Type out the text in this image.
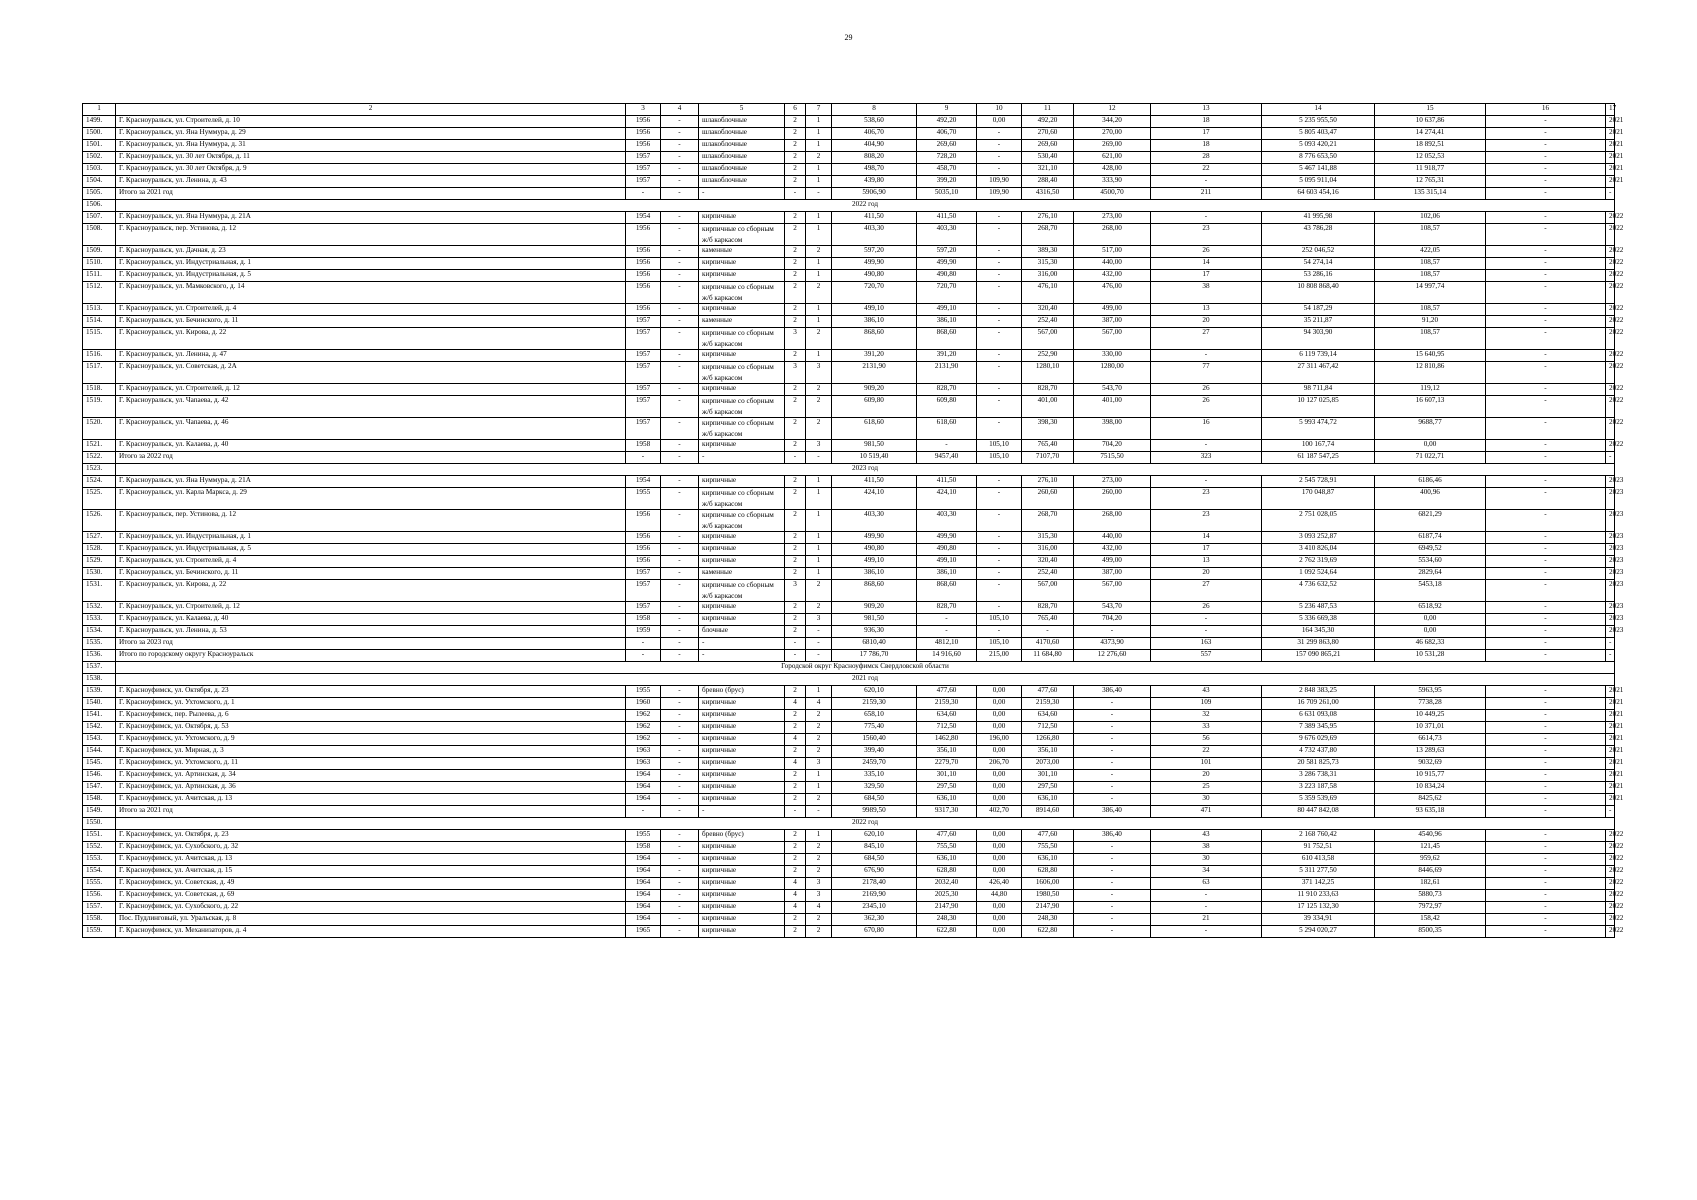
29
1	2	3	4	5	6	7	8	9	10	11	12	13	14	15	16	17
1499.	Г. Красноуральск, ул. Строителей, д. 10	1956	-	шлакоблочные	2	1	538,60	492,20	0,00	492,20	344,20	18	5 235 955,50	10 637,86	-	2021
1500.	Г. Красноуральск, ул. Яна Нуммура, д. 29	1956	-	шлакоблочные	2	1	406,70	406,70	-	270,60	270,00	17	5 805 403,47	14 274,41	-	2021
1501.	Г. Красноуральск, ул. Яна Нуммура, д. 31	1956	-	шлакоблочные	2	1	404,90	269,60	-	269,60	269,00	18	5 093 420,21	18 892,51	-	2021
1502.	Г. Красноуральск, ул. 30 лет Октября, д. 11	1957	-	шлакоблочные	2	2	808,20	728,20	-	530,40	621,00	28	8 776 653,50	12 052,53	-	2021
1503.	Г. Красноуральск, ул. 30 лет Октября, д. 9	1957	-	шлакоблочные	2	1	498,70	458,70	-	321,10	428,00	22	5 467 141,88	11 918,77	-	2021
1504.	Г. Красноуральск, ул. Ленина, д. 43	1957	-	шлакоблочные	2	1	439,80	399,20	109,90	288,40	333,90	-	5 095 911,04	12 765,31	-	2021
1505.	Итого за 2021 год	-	-	-	-	-	5906,90	5035,10	109,90	4316,50	4500,70	211	64 603 454,16	135 315,14	-	-
1506.	2022 год															
1507.	Г. Красноуральск, ул. Яна Нуммура, д. 21А	1954	-	кирпичные	2	1	411,50	411,50	-	276,10	273,00	-	41 995,98	102,06	-	2022
1508.	Г. Красноуральск, пер. Устинова, д. 12	1956	-	кирпичные со сборным ж/б каркасом	2	1	403,30	403,30	-	268,70	268,00	23	43 786,28	108,57	-	2022
1509.	Г. Красноуральск, ул. Дачная, д. 23	1956	-	каменные	2	2	597,20	597,20	-	389,30	517,00	26	252 046,52	422,05	-	2022
1510.	Г. Красноуральск, ул. Индустриальная, д. 1	1956	-	кирпичные	2	1	499,90	499,90	-	315,30	440,00	14	54 274,14	108,57	-	2022
1511.	Г. Красноуральск, ул. Индустриальная, д. 5	1956	-	кирпичные	2	1	490,80	490,80	-	316,00	432,00	17	53 286,16	108,57	-	2022
1512.	Г. Красноуральск, ул. Мамковского, д. 14	1956	-	кирпичные со сборным ж/б каркасом	2	2	720,70	720,70	-	476,10	476,00	38	10 808 868,40	14 997,74	-	2022
1513.	Г. Красноуральск, ул. Строителей, д. 4	1956	-	кирпичные	2	1	499,10	499,10	-	320,40	499,00	13	54 187,29	108,57	-	2022
1514.	Г. Красноуральск, ул. Бечинского, д. 11	1957	-	каменные	2	1	386,10	386,10	-	252,40	387,00	20	35 211,87	91,20	-	2022
1515.	Г. Красноуральск, ул. Кирова, д. 22	1957	-	кирпичные со сборным ж/б каркасом	3	2	868,60	868,60	-	567,00	567,00	27	94 303,90	108,57	-	2022
1516.	Г. Красноуральск, ул. Ленина, д. 47	1957	-	кирпичные	2	1	391,20	391,20	-	252,90	330,00	-	6 119 739,14	15 640,95	-	2022
1517.	Г. Красноуральск, ул. Советская, д. 2А	1957	-	кирпичные со сборным ж/б каркасом	3	3	2131,90	2131,90	-	1280,10	1280,00	77	27 311 467,42	12 810,86	-	2022
1518.	Г. Красноуральск, ул. Строителей, д. 12	1957	-	кирпичные	2	2	909,20	828,70	-	828,70	543,70	26	98 711,84	119,12	-	2022
1519.	Г. Красноуральск, ул. Чапаева, д. 42	1957	-	кирпичные со сборным ж/б каркасом	2	2	609,80	609,80	-	401,00	401,00	26	10 127 025,85	16 607,13	-	2022
1520.	Г. Красноуральск, ул. Чапаева, д. 46	1957	-	кирпичные со сборным ж/б каркасом	2	2	618,60	618,60	-	398,30	398,00	16	5 993 474,72	9688,77	-	2022
1521.	Г. Красноуральск, ул. Калаева, д. 40	1958	-	кирпичные	2	3	981,50	-	105,10	765,40	704,20	-	100 167,74	0,00	-	2022
1522.	Итого за 2022 год	-	-	-	-	-	10 519,40	9457,40	105,10	7107,70	7515,50	323	61 187 547,25	71 022,71	-	-
1523.	2023 год															
1524.	Г. Красноуральск, ул. Яна Нуммура, д. 21А	1954	-	кирпичные	2	1	411,50	411,50	-	276,10	273,00	-	2 545 728,91	6186,46	-	2023
1525.	Г. Красноуральск, ул. Карла Маркса, д. 29	1955	-	кирпичные со сборным ж/б каркасом	2	1	424,10	424,10	-	260,60	260,00	23	170 048,87	400,96	-	2023
1526.	Г. Красноуральск, пер. Устинова, д. 12	1956	-	кирпичные со сборным ж/б каркасом	2	1	403,30	403,30	-	268,70	268,00	23	2 751 028,05	6821,29	-	2023
1527.	Г. Красноуральск, ул. Индустриальная, д. 1	1956	-	кирпичные	2	1	499,90	499,90	-	315,30	440,00	14	3 093 252,87	6187,74	-	2023
1528.	Г. Красноуральск, ул. Индустриальная, д. 5	1956	-	кирпичные	2	1	490,80	490,80	-	316,00	432,00	17	3 410 826,04	6949,52	-	2023
1529.	Г. Красноуральск, ул. Строителей, д. 4	1956	-	кирпичные	2	1	499,10	499,10	-	320,40	499,00	13	2 762 319,69	5534,60	-	2023
1530.	Г. Красноуральск, ул. Бечинского, д. 11	1957	-	каменные	2	1	386,10	386,10	-	252,40	387,00	20	1 092 524,64	2829,64	-	2023
1531.	Г. Красноуральск, ул. Кирова, д. 22	1957	-	кирпичные со сборным ж/б каркасом	3	2	868,60	868,60	-	567,00	567,00	27	4 736 632,52	5453,18	-	2023
1532.	Г. Красноуральск, ул. Строителей, д. 12	1957	-	кирпичные	2	2	909,20	828,70	-	828,70	543,70	26	5 236 487,53	6518,92	-	2023
1533.	Г. Красноуральск, ул. Калаева, д. 40	1958	-	кирпичные	2	3	981,50	-	105,10	765,40	704,20	-	5 336 669,38	0,00	-	2023
1534.	Г. Красноуральск, ул. Ленина, д. 53	1959	-	блочные	2	-	936,30	-	-	-	-	-	164 345,30	0,00	-	2023
1535.	Итого за 2023 год	-	-	-	-	-	6810,40	4812,10	105,10	4170,60	4373,90	163	31 299 863,80	46 682,33	-	-
1536.	Итого по городскому округу Красноуральск	-	-	-	-	-	17 786,70	14 916,60	215,00	11 684,80	12 276,60	557	157 090 865,21	10 531,28	-	-
1537.	Городской округ Красноуфимск Свердловской области															
1538.	2021 год															
1539.	Г. Красноуфимск, ул. Октября, д. 23	1955	-	бревно (брус)	2	1	620,10	477,60	0,00	477,60	386,40	43	2 848 383,25	5963,95	-	2021
1540.	Г. Красноуфимск, ул. Ухтомского, д. 1	1960	-	кирпичные	4	4	2159,30	2159,30	0,00	2159,30	-	109	16 709 261,00	7738,28	-	2021
1541.	Г. Красноуфимск, пер. Рылеева, д. 6	1962	-	кирпичные	2	2	658,10	634,60	0,00	634,60	-	32	6 631 093,08	10 449,25	-	2021
1542.	Г. Красноуфимск, ул. Октября, д. 53	1962	-	кирпичные	2	2	775,40	712,50	0,00	712,50	-	33	7 389 345,95	10 371,01	-	2021
1543.	Г. Красноуфимск, ул. Ухтомского, д. 9	1962	-	кирпичные	4	2	1560,40	1462,80	196,00	1266,80	-	56	9 676 029,69	6614,73	-	2021
1544.	Г. Красноуфимск, ул. Мирная, д. 3	1963	-	кирпичные	2	2	399,40	356,10	0,00	356,10	-	22	4 732 437,80	13 289,63	-	2021
1545.	Г. Красноуфимск, ул. Ухтомского, д. 11	1963	-	кирпичные	4	3	2459,70	2279,70	206,70	2073,00	-	101	20 581 825,73	9032,69	-	2021
1546.	Г. Красноуфимск, ул. Артинская, д. 34	1964	-	кирпичные	2	1	335,10	301,10	0,00	301,10	-	20	3 286 738,31	10 915,77	-	2021
1547.	Г. Красноуфимск, ул. Артинская, д. 36	1964	-	кирпичные	2	1	329,50	297,50	0,00	297,50	-	25	3 223 187,58	10 834,24	-	2021
1548.	Г. Красноуфимск, ул. Ачитская, д. 13	1964	-	кирпичные	2	2	684,50	636,10	0,00	636,10	-	30	5 359 539,69	8425,62	-	2021
1549.	Итого за 2021 год	-	-	-	-	-	9989,50	9317,30	402,70	8914,60	386,40	471	80 447 842,08	93 635,18	-	-
1550.	2022 год															
1551.	Г. Красноуфимск, ул. Октября, д. 23	1955	-	бревно (брус)	2	1	620,10	477,60	0,00	477,60	386,40	43	2 168 760,42	4540,96	-	2022
1552.	Г. Красноуфимск, ул. Сухобского, д. 32	1958	-	кирпичные	2	2	845,10	755,50	0,00	755,50	-	38	91 752,51	121,45	-	2022
1553.	Г. Красноуфимск, ул. Ачитская, д. 13	1964	-	кирпичные	2	2	684,50	636,10	0,00	636,10	-	30	610 413,58	959,62	-	2022
1554.	Г. Красноуфимск, ул. Ачитская, д. 15	1964	-	кирпичные	2	2	676,90	628,80	0,00	628,80	-	34	5 311 277,50	8446,69	-	2022
1555.	Г. Красноуфимск, ул. Советская, д. 49	1964	-	кирпичные	4	3	2178,40	2032,40	426,40	1606,00	-	63	371 142,25	182,61	-	2022
1556.	Г. Красноуфимск, ул. Советская, д. 69	1964	-	кирпичные	4	3	2169,90	2025,30	44,80	1980,50	-	-	11 910 233,63	5880,73	-	2022
1557.	Г. Красноуфимск, ул. Сухобского, д. 22	1964	-	кирпичные	4	4	2345,10	2147,90	0,00	2147,90	-	-	17 125 132,30	7972,97	-	2022
1558.	Пос. Пудлинговый, ул. Уральская, д. 8	1964	-	кирпичные	2	2	362,30	248,30	0,00	248,30	-	21	39 334,91	158,42	-	2022
1559.	Г. Красноуфимск, ул. Механизаторов, д. 4	1965	-	кирпичные	2	2	670,80	622,80	0,00	622,80	-	-	5 294 020,27	8500,35	-	2022
